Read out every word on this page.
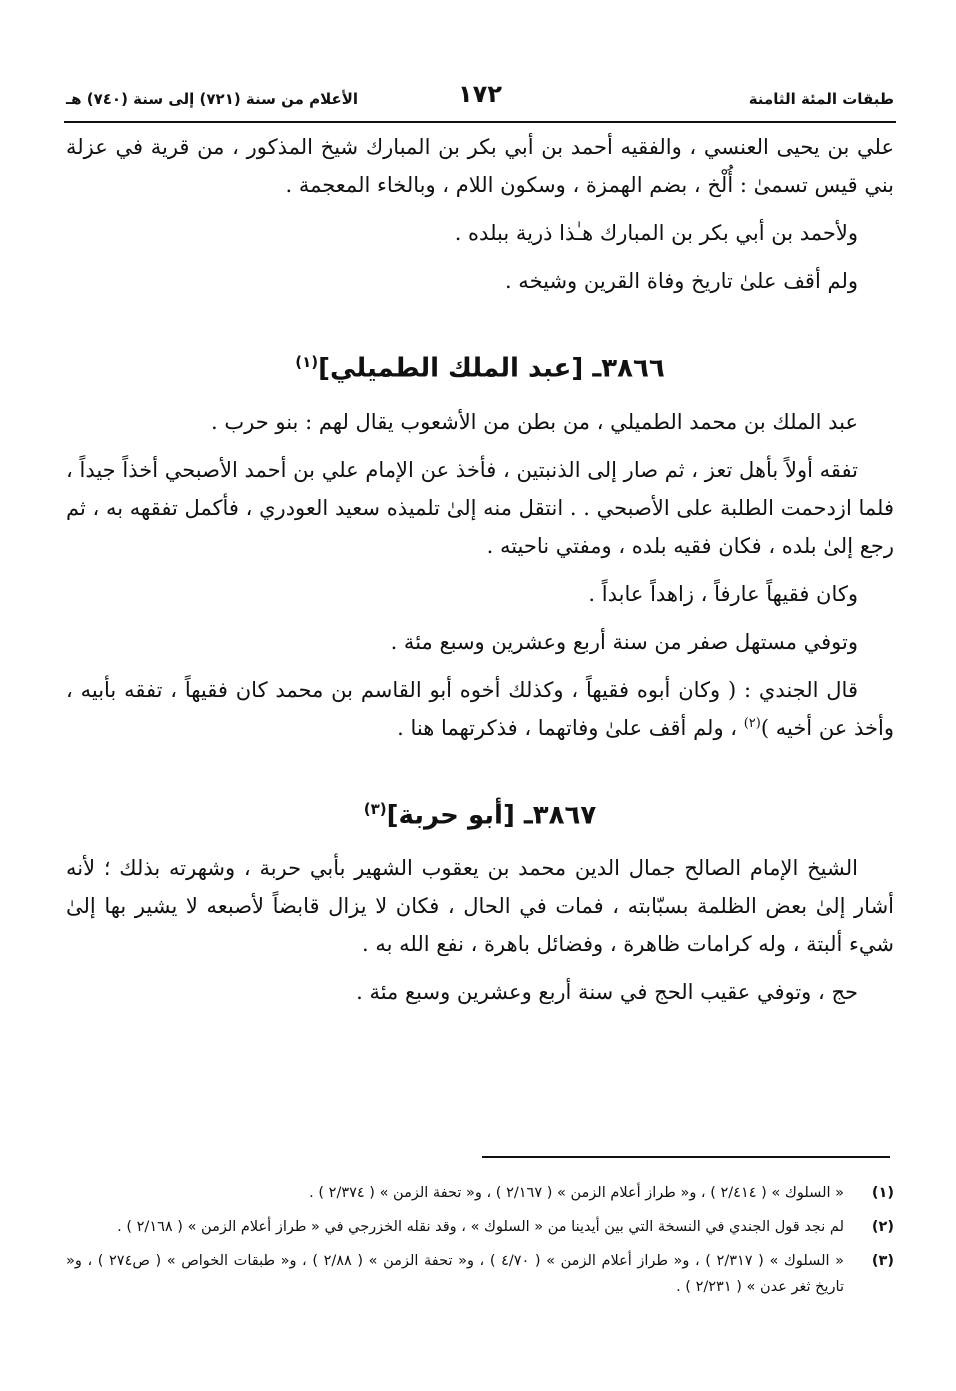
طبقات المئة الثامنة
١٧٢
الأعلام من سنة (٧٢١) إلى سنة (٧٤٠) هـ

علي بن يحيى العنسي ، والفقيه أحمد بن أبي بكر بن المبارك شيخ المذكور ، من قرية في عزلة بني قيس تسمىٰ : أُلْخ ، بضم الهمزة ، وسكون اللام ، وبالخاء المعجمة .

ولأحمد بن أبي بكر بن المبارك هـٰذا ذرية ببلده .

ولم أقف علىٰ تاريخ وفاة القرين وشيخه .

٣٨٦٦ـ [عبد الملك الطميلي]$^{(١)}$

عبد الملك بن محمد الطميلي ، من بطن من الأشعوب يقال لهم : بنو حرب .

تفقه أولاً بأهل تعز ، ثم صار إلى الذنبتين ، فأخذ عن الإمام علي بن أحمد الأصبحي أخذاً جيداً ، فلما ازدحمت الطلبة على الأصبحي . . انتقل منه إلىٰ تلميذه سعيد العودري ، فأكمل تفقهه به ، ثم رجع إلىٰ بلده ، فكان فقيه بلده ، ومفتي ناحيته .

وكان فقيهاً عارفاً ، زاهداً عابداً .

وتوفي مستهل صفر من سنة أربع وعشرين وسبع مئة .

قال الجندي : ( وكان أبوه فقيهاً ، وكذلك أخوه أبو القاسم بن محمد كان فقيهاً ، تفقه بأبيه ، وأخذ عن أخيه )$^{(٢)}$ ، ولم أقف علىٰ وفاتهما ، فذكرتهما هنا .

٣٨٦٧ـ [أبو حربة]$^{(٣)}$

الشيخ الإمام الصالح جمال الدين محمد بن يعقوب الشهير بأبي حربة ، وشهرته بذلك ؛ لأنه أشار إلىٰ بعض الظلمة بسبّابته ، فمات في الحال ، فكان لا يزال قابضاً لأصبعه لا يشير بها إلىٰ شيء ألبتة ، وله كرامات ظاهرة ، وفضائل باهرة ، نفع الله به .

حج ، وتوفي عقيب الحج في سنة أربع وعشرين وسبع مئة .

(١)
« السلوك » ( ٢/٤١٤ ) ، و« طراز أعلام الزمن » ( ٢/١٦٧ ) ، و« تحفة الزمن » ( ٢/٣٧٤ ) .
(٢)
لم نجد قول الجندي في النسخة التي بين أيدينا من « السلوك » ، وقد نقله الخزرجي في « طراز أعلام الزمن » ( ٢/١٦٨ ) .
(٣)
« السلوك » ( ٢/٣١٧ ) ، و« طراز أعلام الزمن » ( ٤/٧٠ ) ، و« تحفة الزمن » ( ٢/٨٨ ) ، و« طبقات الخواص » ( ص٢٧٤ ) ، و« تاريخ ثغر عدن » ( ٢/٢٣١ ) .
